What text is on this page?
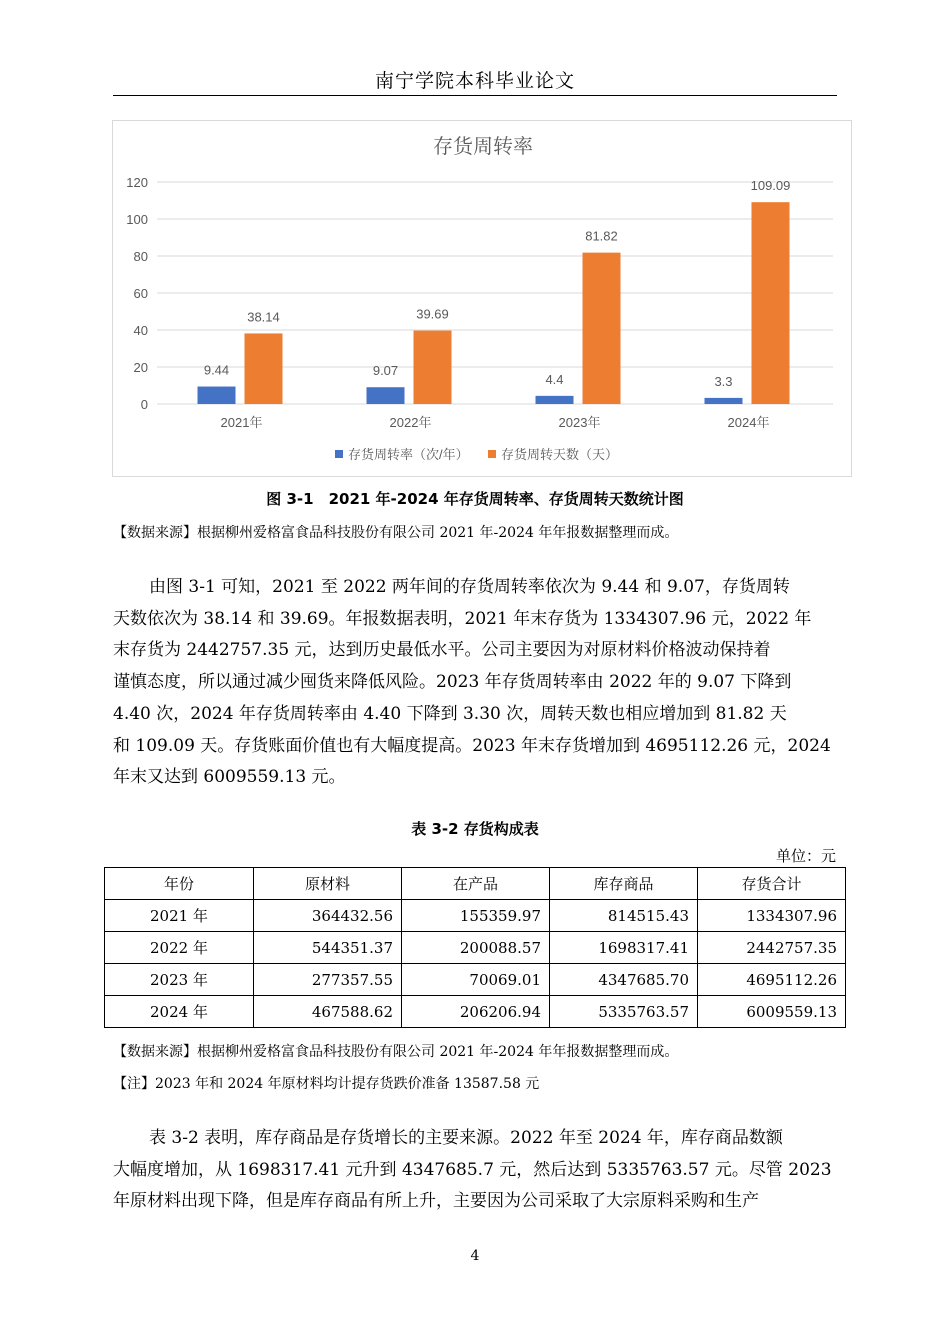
南宁学院本科毕业论文
存货周转率
0
20
40
60
80
100
120
9.44
38.14
2021年
9.07
39.69
2022年
4.4
81.82
2023年
3.3
109.09
2024年
存货周转率（次/年） 存货周转天数（天）
图 3-1　2021 年-2024 年存货周转率、存货周转天数统计图
【数据来源】根据柳州爱格富食品科技股份有限公司 2021 年-2024 年年报数据整理而成。
由图 3-1 可知，2021 至 2022 两年间的存货周转率依次为 9.44 和 9.07，存货周转
天数依次为 38.14 和 39.69。年报数据表明，2021 年末存货为 1334307.96 元，2022 年
末存货为 2442757.35 元，达到历史最低水平。公司主要因为对原材料价格波动保持着
谨慎态度，所以通过减少囤货来降低风险。2023 年存货周转率由 2022 年的 9.07 下降到
4.40 次，2024 年存货周转率由 4.40 下降到 3.30 次，周转天数也相应增加到 81.82 天
和 109.09 天。存货账面价值也有大幅度提高。2023 年末存货增加到 4695112.26 元，2024
年末又达到 6009559.13 元。
表 3-2 存货构成表
单位：元
年份	原材料	在产品	库存商品	存货合计
2021 年	364432.56	155359.97	814515.43	1334307.96
2022 年	544351.37	200088.57	1698317.41	2442757.35
2023 年	277357.55	70069.01	4347685.70	4695112.26
2024 年	467588.62	206206.94	5335763.57	6009559.13
【数据来源】根据柳州爱格富食品科技股份有限公司 2021 年-2024 年年报数据整理而成。
【注】2023 年和 2024 年原材料均计提存货跌价准备 13587.58 元
表 3-2 表明，库存商品是存货增长的主要来源。2022 年至 2024 年，库存商品数额
大幅度增加，从 1698317.41 元升到 4347685.7 元，然后达到 5335763.57 元。尽管 2023
年原材料出现下降，但是库存商品有所上升，主要因为公司采取了大宗原料采购和生产
4
